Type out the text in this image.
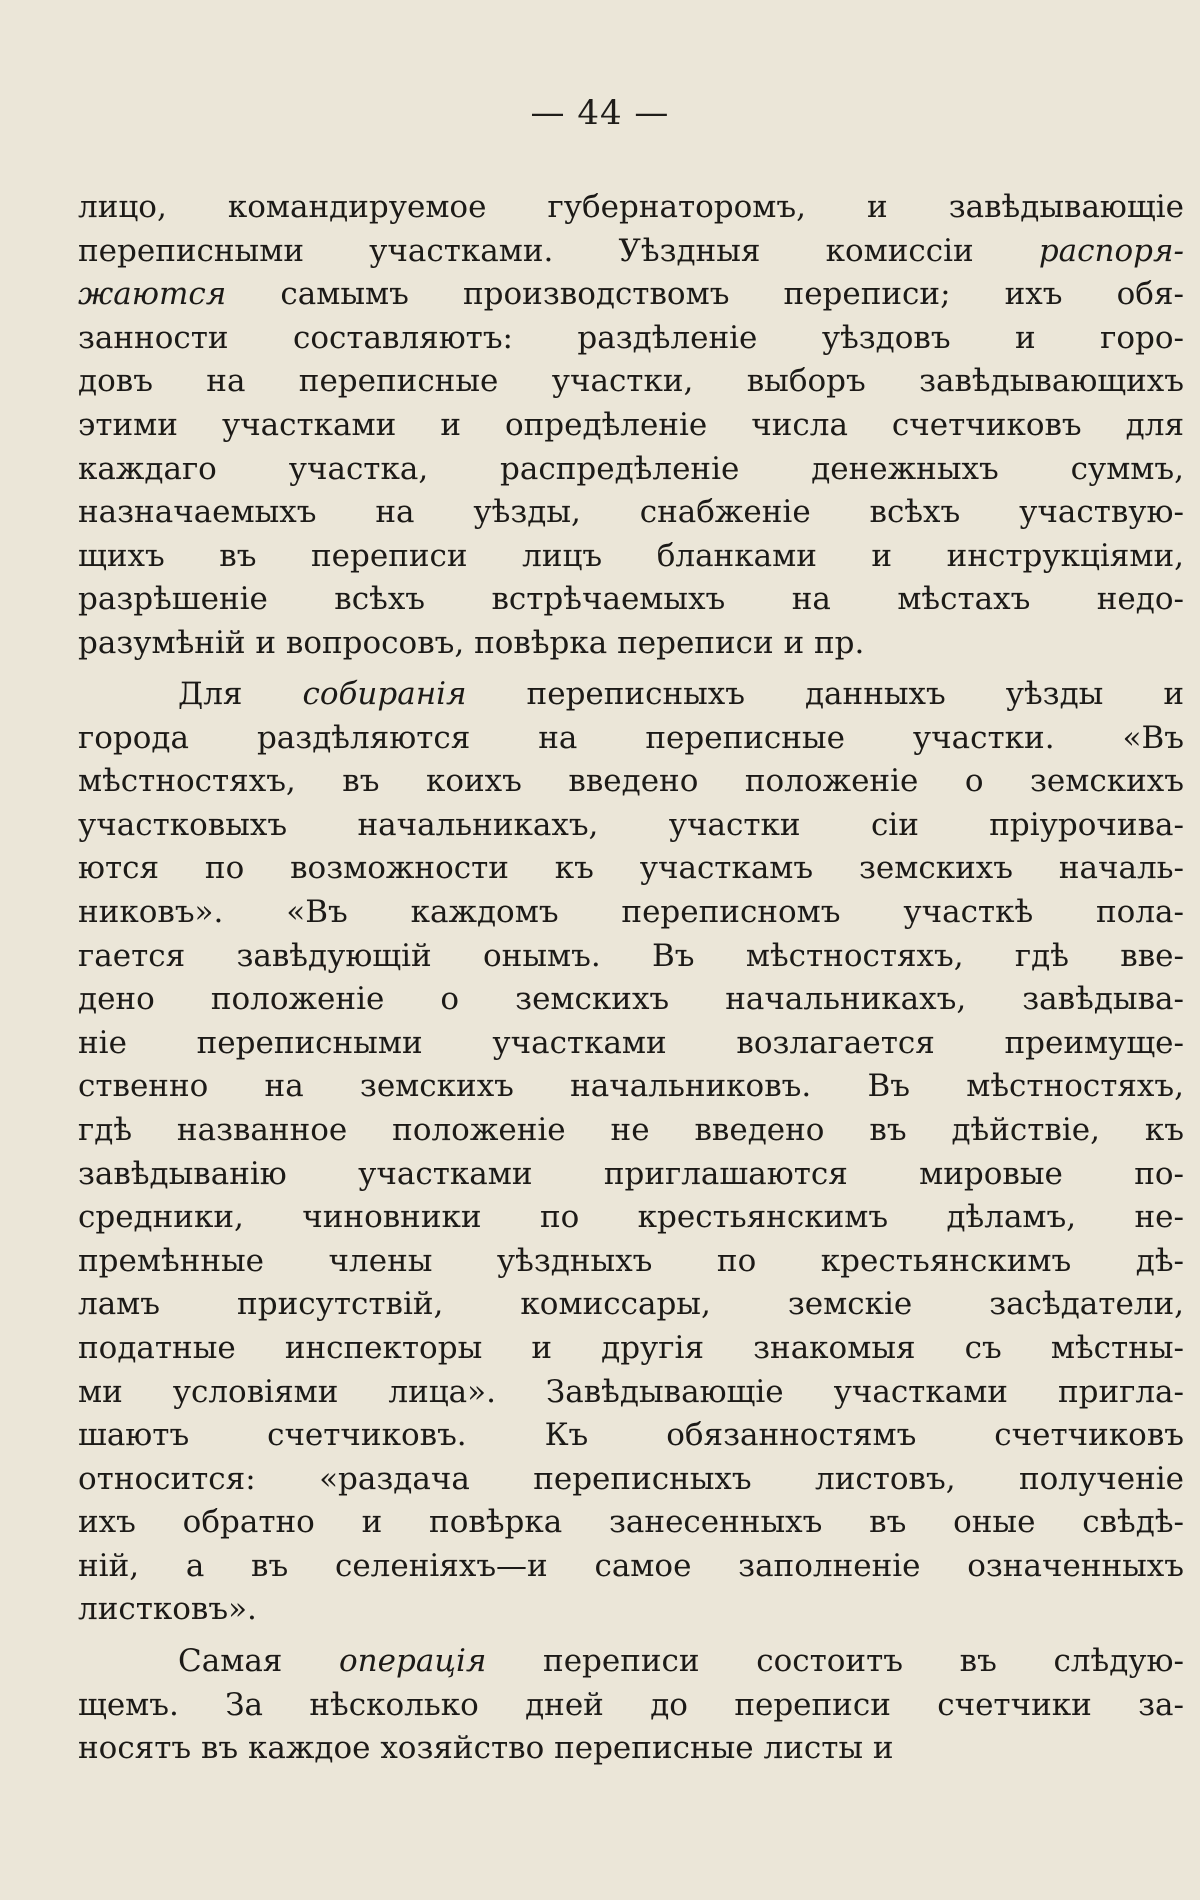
— 44 —
лицо, командируемое губернаторомъ, и завѣдывающіе
переписными участками. Уѣздныя комиссіи распоря-
жаются самымъ производствомъ переписи; ихъ обя-
занности составляютъ: раздѣленіе уѣздовъ и горо-
довъ на переписные участки, выборъ завѣдывающихъ
этими участками и опредѣленіе числа счетчиковъ для
каждаго участка, распредѣленіе денежныхъ суммъ,
назначаемыхъ на уѣзды, снабженіе всѣхъ участвую-
щихъ въ переписи лицъ бланками и инструкціями,
разрѣшеніе всѣхъ встрѣчаемыхъ на мѣстахъ недо-
разумѣній и вопросовъ, повѣрка переписи и пр.
Для собиранія переписныхъ данныхъ уѣзды и
города раздѣляются на переписные участки. «Въ
мѣстностяхъ, въ коихъ введено положеніе о земскихъ
участковыхъ начальникахъ, участки сіи пріурочива-
ются по возможности къ участкамъ земскихъ началь-
никовъ». «Въ каждомъ переписномъ участкѣ пола-
гается завѣдующій онымъ. Въ мѣстностяхъ, гдѣ вве-
дено положеніе о земскихъ начальникахъ, завѣдыва-
ніе переписными участками возлагается преимуще-
ственно на земскихъ начальниковъ. Въ мѣстностяхъ,
гдѣ названное положеніе не введено въ дѣйствіе, къ
завѣдыванію участками приглашаются мировые по-
средники, чиновники по крестьянскимъ дѣламъ, не-
премѣнные члены уѣздныхъ по крестьянскимъ дѣ-
ламъ присутствій, комиссары, земскіе засѣдатели,
податные инспекторы и другія знакомыя съ мѣстны-
ми условіями лица». Завѣдывающіе участками пригла-
шаютъ счетчиковъ. Къ обязанностямъ счетчиковъ
относится: «раздача переписныхъ листовъ, полученіе
ихъ обратно и повѣрка занесенныхъ въ оные свѣдѣ-
ній, а въ селеніяхъ—и самое заполненіе означенныхъ
листковъ».
Самая операція переписи состоитъ въ слѣдую-
щемъ. За нѣсколько дней до переписи счетчики за-
носятъ въ каждое хозяйство переписные листы и
